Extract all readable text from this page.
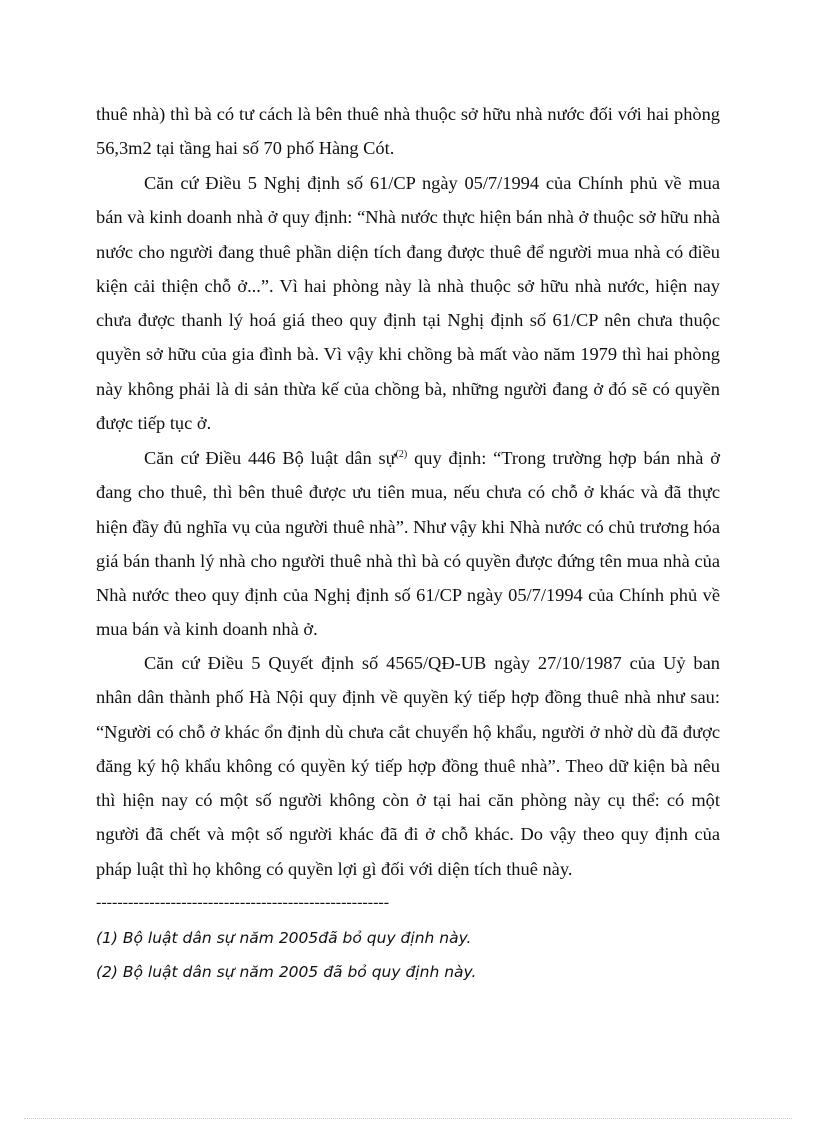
thuê nhà) thì bà có tư cách là bên thuê nhà thuộc sở hữu nhà nước đối với hai phòng 56,3m2 tại tầng hai số 70 phố Hàng Cót.

Căn cứ Điều 5 Nghị định số 61/CP ngày 05/7/1994 của Chính phủ về mua bán và kinh doanh nhà ở quy định: “Nhà nước thực hiện bán nhà ở thuộc sở hữu nhà nước cho người đang thuê phần diện tích đang được thuê để người mua nhà có điều kiện cải thiện chỗ ở...”. Vì hai phòng này là nhà thuộc sở hữu nhà nước, hiện nay chưa được thanh lý hoá giá theo quy định tại Nghị định số 61/CP nên chưa thuộc quyền sở hữu của gia đình bà. Vì vậy khi chồng bà mất vào năm 1979 thì hai phòng này không phải là di sản thừa kế của chồng bà, những người đang ở đó sẽ có quyền được tiếp tục ở.

Căn cứ Điều 446 Bộ luật dân sự$^{(2)}$ quy định: “Trong trường hợp bán nhà ở đang cho thuê, thì bên thuê được ưu tiên mua, nếu chưa có chỗ ở khác và đã thực hiện đầy đủ nghĩa vụ của người thuê nhà”. Như vậy khi Nhà nước có chủ trương hóa giá bán thanh lý nhà cho người thuê nhà thì bà có quyền được đứng tên mua nhà của Nhà nước theo quy định của Nghị định số 61/CP ngày 05/7/1994 của Chính phủ về mua bán và kinh doanh nhà ở.

Căn cứ Điều 5 Quyết định số 4565/QĐ-UB ngày 27/10/1987 của Uỷ ban nhân dân thành phố Hà Nội quy định về quyền ký tiếp hợp đồng thuê nhà như sau: “Người có chỗ ở khác ổn định dù chưa cắt chuyển hộ khẩu, người ở nhờ dù đã được đăng ký hộ khẩu không có quyền ký tiếp hợp đồng thuê nhà”. Theo dữ kiện bà nêu thì hiện nay có một số người không còn ở tại hai căn phòng này cụ thể: có một người đã chết và một số người khác đã đi ở chỗ khác. Do vậy theo quy định của pháp luật thì họ không có quyền lợi gì đối với diện tích thuê này.

-------------------------------------------------------
(1) Bộ luật dân sự năm 2005đã bỏ quy định này.
(2) Bộ luật dân sự năm 2005 đã bỏ quy định này.
